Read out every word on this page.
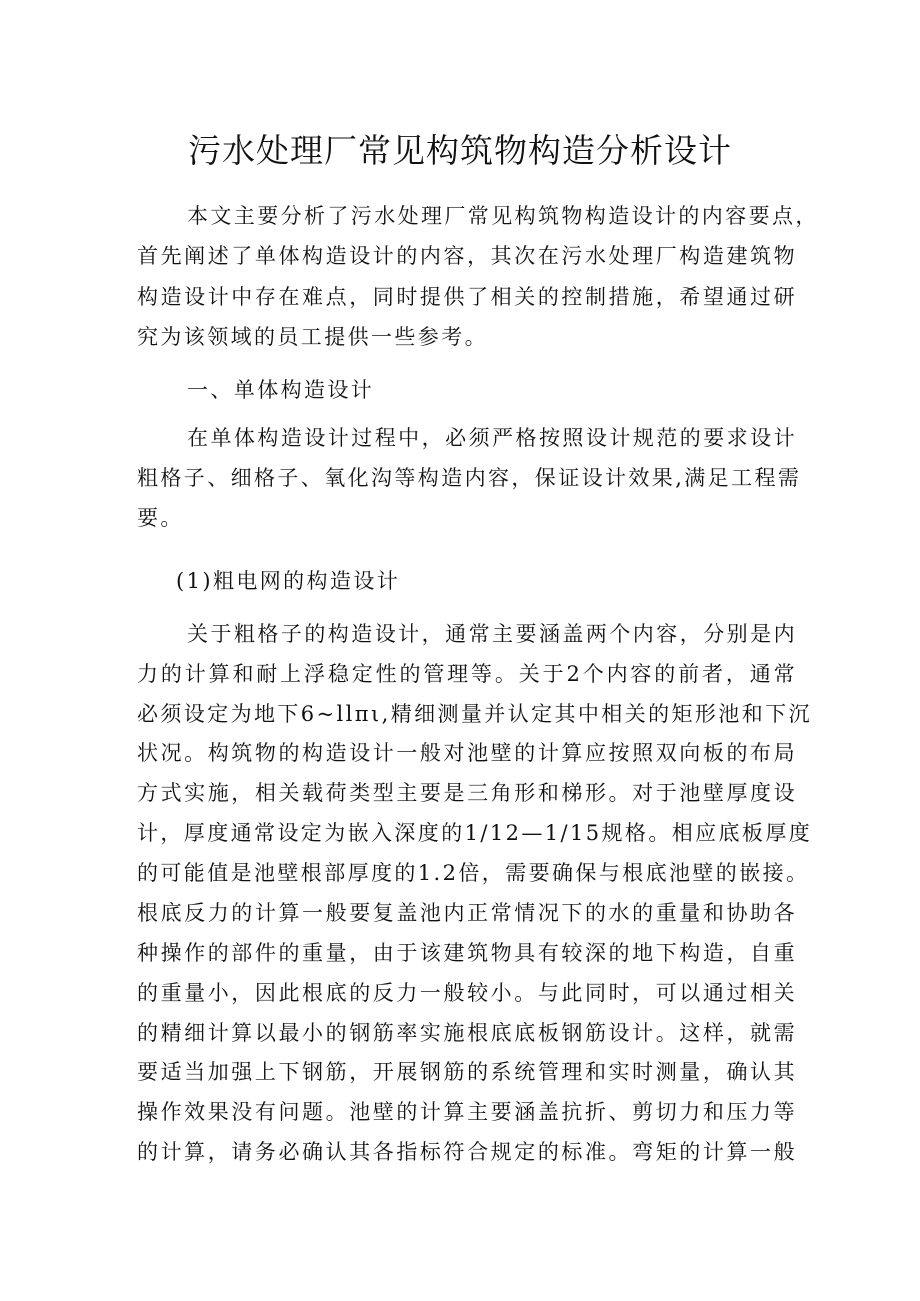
污水处理厂常见构筑物构造分析设计

本文主要分析了污水处理厂常见构筑物构造设计的内容要点，

首先阐述了单体构造设计的内容，其次在污水处理厂构造建筑物

构造设计中存在难点，同时提供了相关的控制措施，希望通过研

究为该领域的员工提供一些参考。

一、单体构造设计

在单体构造设计过程中，必须严格按照设计规范的要求设计

粗格子、细格子、氧化沟等构造内容，保证设计效果,满足工程需

要。

(1)粗电网的构造设计

关于粗格子的构造设计，通常主要涵盖两个内容，分别是内

力的计算和耐上浮稳定性的管理等。关于2个内容的前者，通常

必须设定为地下6~llπι,精细测量并认定其中相关的矩形池和下沉

状况。构筑物的构造设计一般对池壁的计算应按照双向板的布局

方式实施，相关载荷类型主要是三角形和梯形。对于池壁厚度设

计，厚度通常设定为嵌入深度的1/12—1/15规格。相应底板厚度

的可能值是池壁根部厚度的1.2倍，需要确保与根底池壁的嵌接。

根底反力的计算一般要复盖池内正常情况下的水的重量和协助各

种操作的部件的重量，由于该建筑物具有较深的地下构造，自重

的重量小，因此根底的反力一般较小。与此同时，可以通过相关

的精细计算以最小的钢筋率实施根底底板钢筋设计。这样，就需

要适当加强上下钢筋，开展钢筋的系统管理和实时测量，确认其

操作效果没有问题。池壁的计算主要涵盖抗折、剪切力和压力等

的计算，请务必确认其各指标符合规定的标准。弯矩的计算一般
